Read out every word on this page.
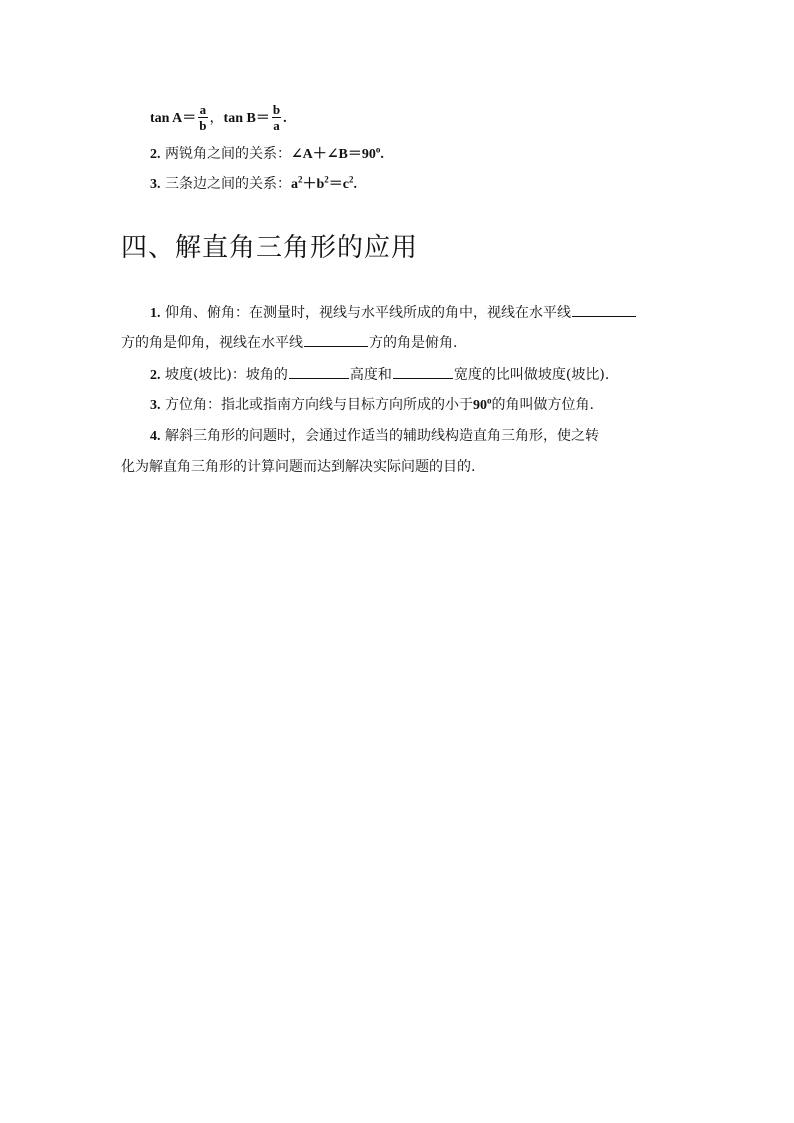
$\tan A= \frac{a}{b}$ ，$\tan B= \frac{b}{a}$ .
2. 两锐角之间的关系：$\angle A+\angle B=90^o$.
3. 三条边之间的关系：$a^2+b^2=c^2$.
四、解直角三角形的应用
1. 仰角、俯角：在测量时，视线与水平线所成的角中，视线在水平线
方的角是仰角，视线在水平线	方的角是俯角.
2. 坡度(坡比)：坡角的	高度和	宽度的比叫做坡度(坡比).
3. 方位角：指北或指南方向线与目标方向所成的小于90$^o$的角叫做方位角.
4. 解斜三角形的问题时，会通过作适当的辅助线构造直角三角形，使之转
化为解直角三角形的计算问题而达到解决实际问题的目的.
